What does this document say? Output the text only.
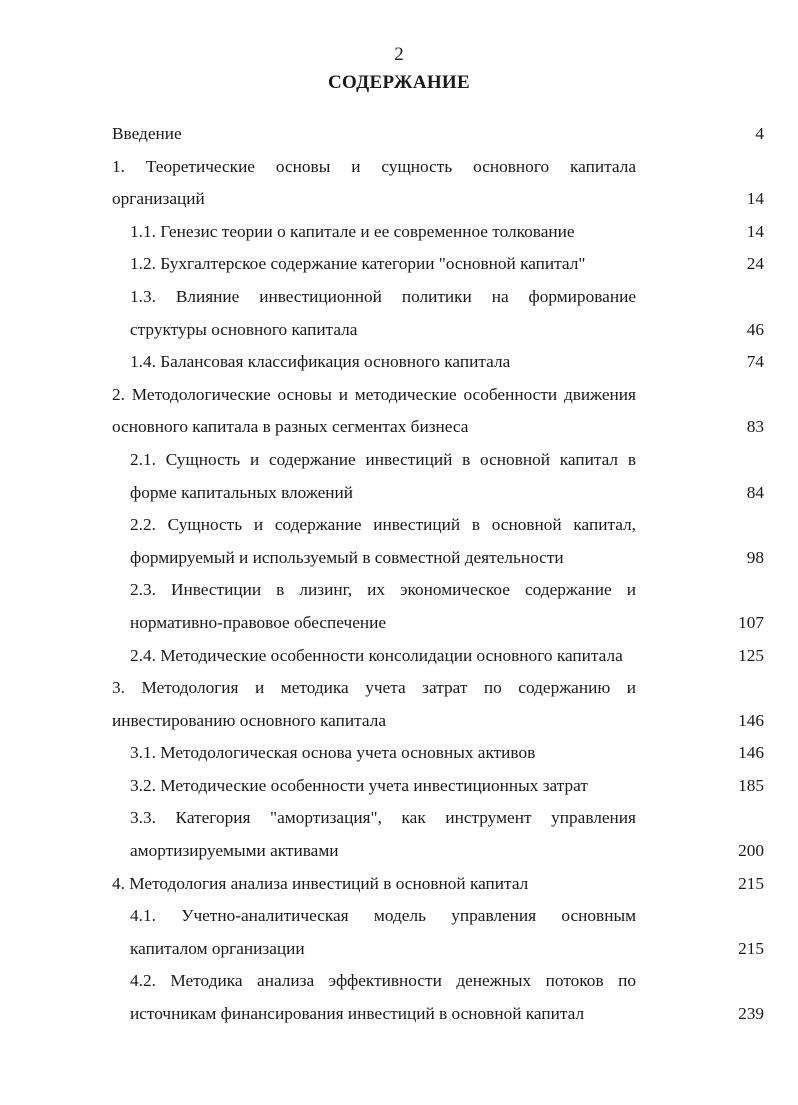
2
СОДЕРЖАНИЕ
Введение	4
1. Теоретические основы и сущность основного капитала
организаций	14
1.1. Генезис теории о капитале и ее современное толкование	14
1.2. Бухгалтерское содержание категории "основной капитал"	24
1.3. Влияние инвестиционной политики на формирование
структуры основного капитала	46
1.4. Балансовая классификация основного капитала	74
2. Методологические основы и методические особенности движения
основного капитала в разных сегментах бизнеса	83
2.1. Сущность и содержание инвестиций в основной капитал в
форме капитальных вложений	84
2.2. Сущность и содержание инвестиций в основной капитал,
формируемый и используемый в совместной деятельности	98
2.3. Инвестиции в лизинг, их экономическое содержание и
нормативно-правовое обеспечение	107
2.4. Методические особенности консолидации основного капитала	125
3. Методология и методика учета затрат по содержанию и
инвестированию основного капитала	146
3.1. Методологическая основа учета основных активов	146
3.2. Методические особенности учета инвестиционных затрат	185
3.3. Категория "амортизация", как инструмент управления
амортизируемыми активами	200
4. Методология анализа инвестиций в основной капитал	215
4.1. Учетно-аналитическая модель управления основным
капиталом организации	215
4.2. Методика анализа эффективности денежных потоков по
источникам финансирования инвестиций в основной капитал	239
